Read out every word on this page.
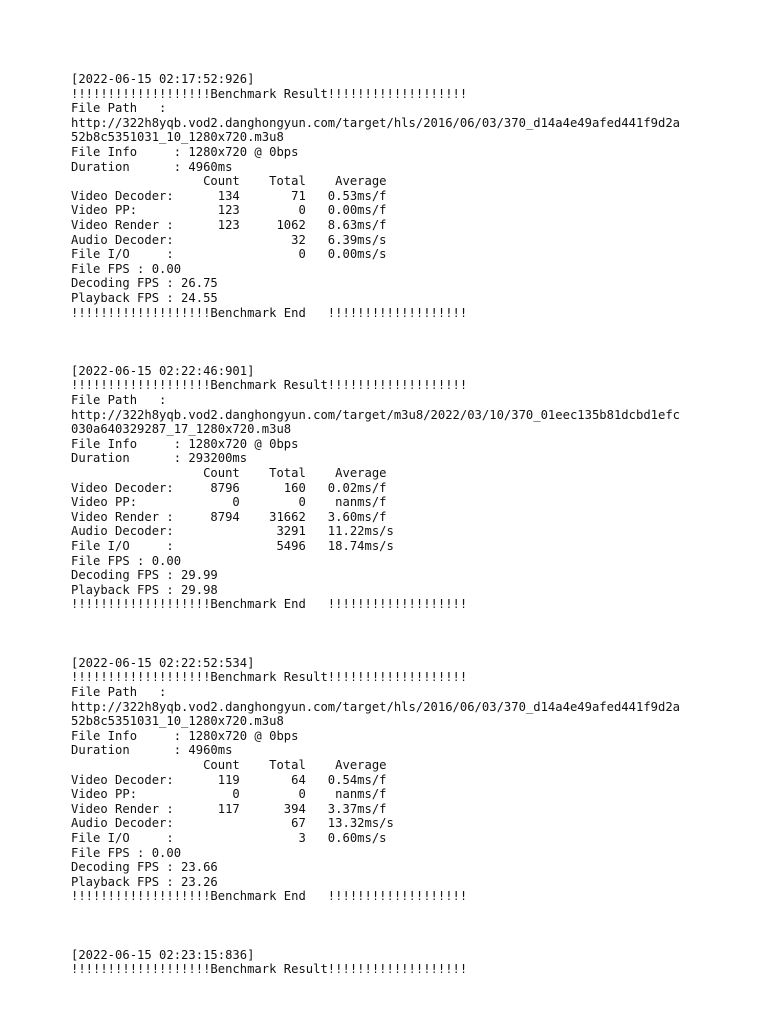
[2022-06-15 02:17:52:926]
!!!!!!!!!!!!!!!!!!!Benchmark Result!!!!!!!!!!!!!!!!!!!
File Path   :
http://322h8yqb.vod2.danghongyun.com/target/hls/2016/06/03/370_d14a4e49afed441f9d2a
52b8c5351031_10_1280x720.m3u8
File Info     : 1280x720 @ 0bps
Duration      : 4960ms
Count    Total    Average
Video Decoder:      134       71   0.53ms/f
Video PP:           123        0   0.00ms/f
Video Render :      123     1062   8.63ms/f
Audio Decoder:                32   6.39ms/s
File I/O     :                 0   0.00ms/s
File FPS : 0.00
Decoding FPS : 26.75
Playback FPS : 24.55
!!!!!!!!!!!!!!!!!!!Benchmark End   !!!!!!!!!!!!!!!!!!!
[2022-06-15 02:22:46:901]
!!!!!!!!!!!!!!!!!!!Benchmark Result!!!!!!!!!!!!!!!!!!!
File Path   :
http://322h8yqb.vod2.danghongyun.com/target/m3u8/2022/03/10/370_01eec135b81dcbd1efc
030a640329287_17_1280x720.m3u8
File Info     : 1280x720 @ 0bps
Duration      : 293200ms
Count    Total    Average
Video Decoder:     8796      160   0.02ms/f
Video PP:             0        0    nanms/f
Video Render :     8794    31662   3.60ms/f
Audio Decoder:              3291   11.22ms/s
File I/O     :              5496   18.74ms/s
File FPS : 0.00
Decoding FPS : 29.99
Playback FPS : 29.98
!!!!!!!!!!!!!!!!!!!Benchmark End   !!!!!!!!!!!!!!!!!!!
[2022-06-15 02:22:52:534]
!!!!!!!!!!!!!!!!!!!Benchmark Result!!!!!!!!!!!!!!!!!!!
File Path   :
http://322h8yqb.vod2.danghongyun.com/target/hls/2016/06/03/370_d14a4e49afed441f9d2a
52b8c5351031_10_1280x720.m3u8
File Info     : 1280x720 @ 0bps
Duration      : 4960ms
Count    Total    Average
Video Decoder:      119       64   0.54ms/f
Video PP:             0        0    nanms/f
Video Render :      117      394   3.37ms/f
Audio Decoder:                67   13.32ms/s
File I/O     :                 3   0.60ms/s
File FPS : 0.00
Decoding FPS : 23.66
Playback FPS : 23.26
!!!!!!!!!!!!!!!!!!!Benchmark End   !!!!!!!!!!!!!!!!!!!
[2022-06-15 02:23:15:836]
!!!!!!!!!!!!!!!!!!!Benchmark Result!!!!!!!!!!!!!!!!!!!
